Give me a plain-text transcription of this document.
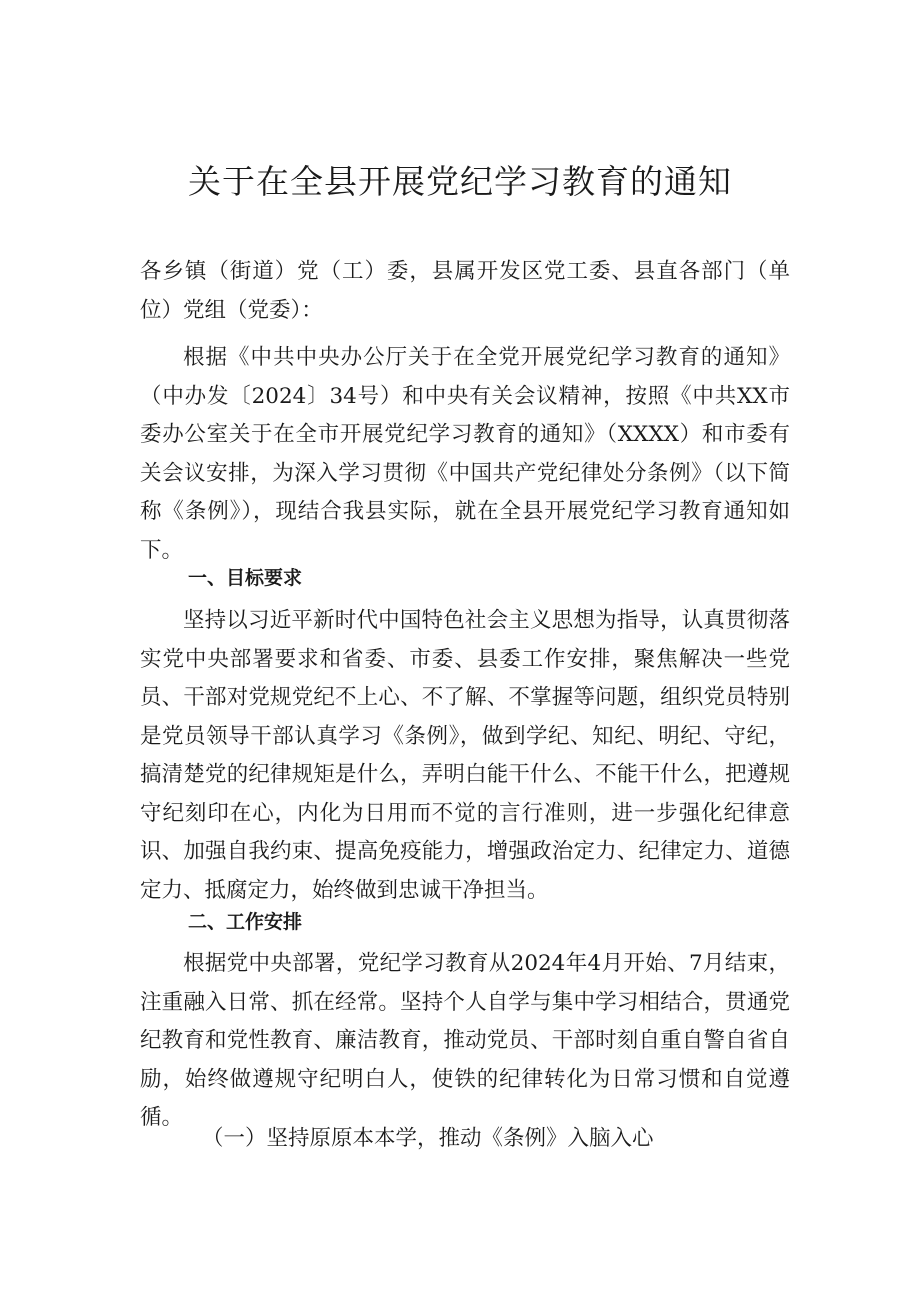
关于在全县开展党纪学习教育的通知

各乡镇（街道）党（工）委，县属开发区党工委、县直各部门（单位）党组（党委）：

根据《中共中央办公厅关于在全党开展党纪学习教育的通知》（中办发〔2024〕34号）和中央有关会议精神，按照《中共XX市委办公室关于在全市开展党纪学习教育的通知》（XXXX）和市委有关会议安排，为深入学习贯彻《中国共产党纪律处分条例》（以下简称《条例》），现结合我县实际，就在全县开展党纪学习教育通知如下。

一、目标要求

坚持以习近平新时代中国特色社会主义思想为指导，认真贯彻落实党中央部署要求和省委、市委、县委工作安排，聚焦解决一些党员、干部对党规党纪不上心、不了解、不掌握等问题，组织党员特别是党员领导干部认真学习《条例》，做到学纪、知纪、明纪、守纪，搞清楚党的纪律规矩是什么，弄明白能干什么、不能干什么，把遵规守纪刻印在心，内化为日用而不觉的言行准则，进一步强化纪律意识、加强自我约束、提高免疫能力，增强政治定力、纪律定力、道德定力、抵腐定力，始终做到忠诚干净担当。

二、工作安排

根据党中央部署，党纪学习教育从2024年4月开始、7月结束，注重融入日常、抓在经常。坚持个人自学与集中学习相结合，贯通党纪教育和党性教育、廉洁教育，推动党员、干部时刻自重自警自省自励，始终做遵规守纪明白人，使铁的纪律转化为日常习惯和自觉遵循。

（一）坚持原原本本学，推动《条例》入脑入心
